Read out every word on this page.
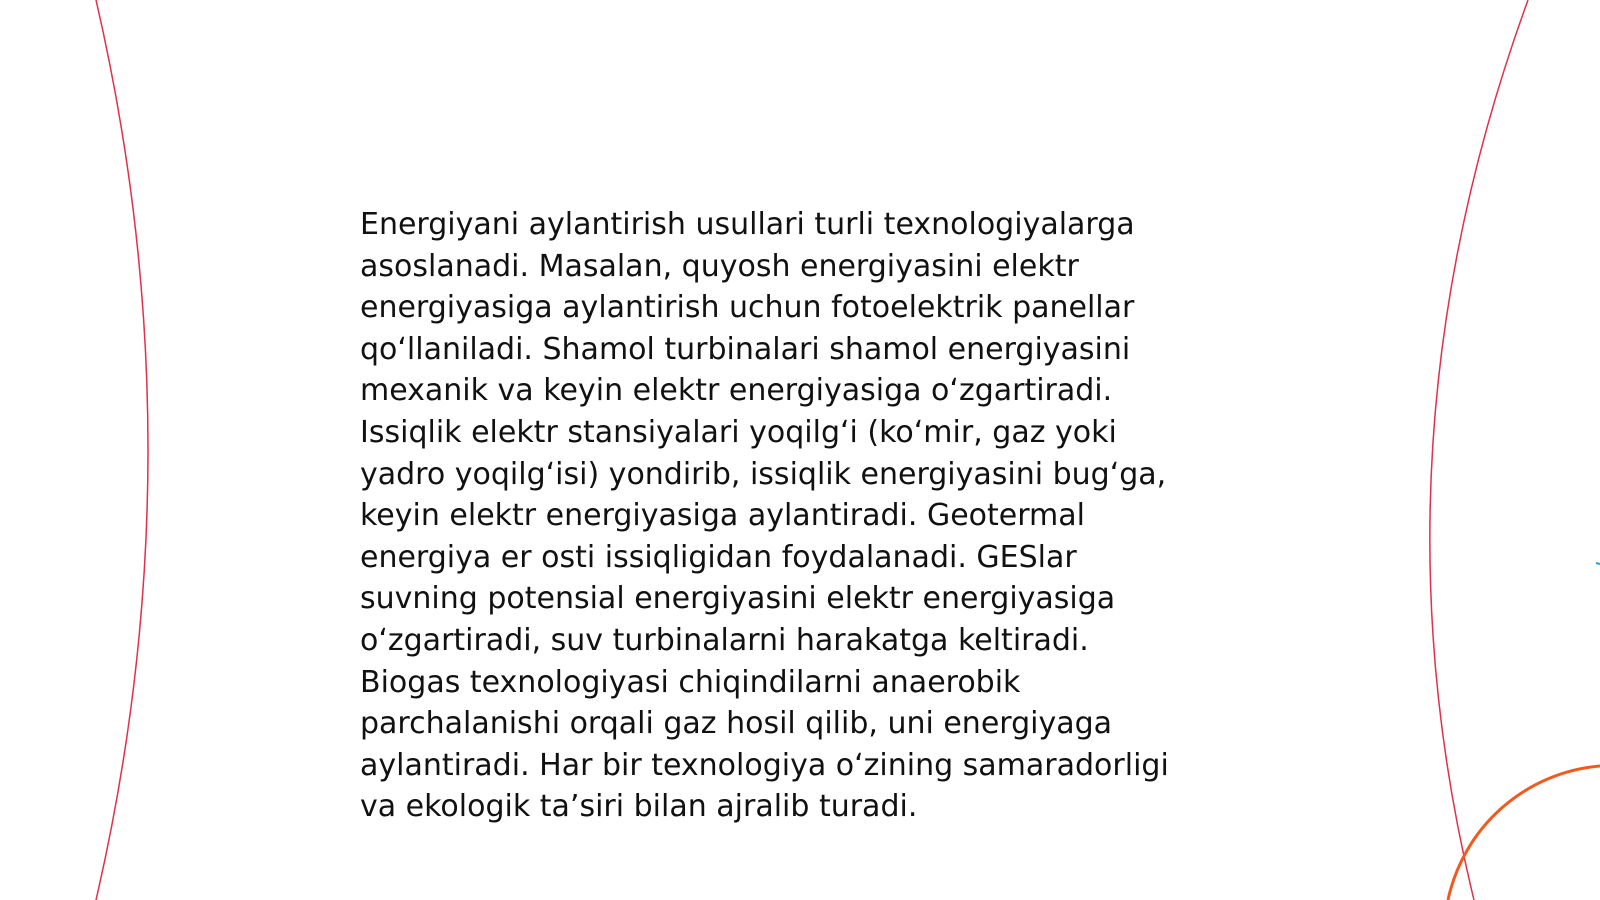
Energiyani aylantirish usullari turli texnologiyalarga
asoslanadi. Masalan, quyosh energiyasini elektr
energiyasiga aylantirish uchun fotoelektrik panellar
qo‘llaniladi. Shamol turbinalari shamol energiyasini
mexanik va keyin elektr energiyasiga o‘zgartiradi.
Issiqlik elektr stansiyalari yoqilg‘i (ko‘mir, gaz yoki
yadro yoqilg‘isi) yondirib, issiqlik energiyasini bug‘ga,
keyin elektr energiyasiga aylantiradi. Geotermal
energiya er osti issiqligidan foydalanadi. GESlar
suvning potensial energiyasini elektr energiyasiga
o‘zgartiradi, suv turbinalarni harakatga keltiradi.
Biogas texnologiyasi chiqindilarni anaerobik
parchalanishi orqali gaz hosil qilib, uni energiyaga
aylantiradi. Har bir texnologiya o‘zining samaradorligi
va ekologik ta’siri bilan ajralib turadi.
